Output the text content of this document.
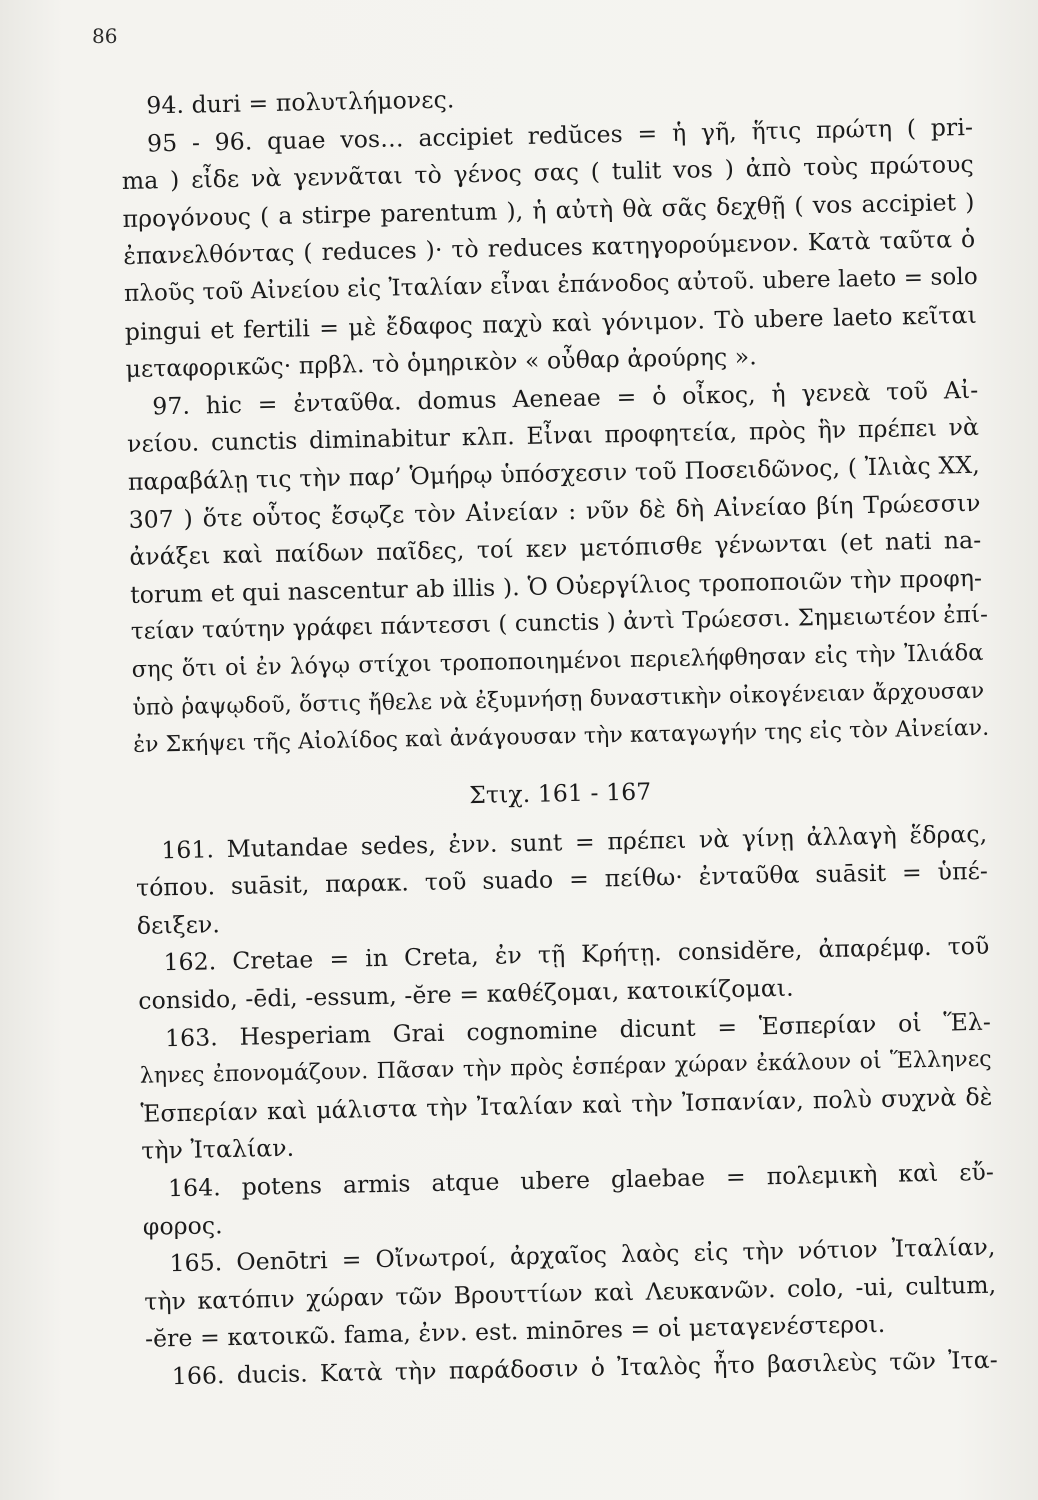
86
94. duri = πολυτλήμονες.
95 - 96. quae vos… accipiet redŭces = ἡ γῆ, ἥτις πρώτη ( pri-
ma ) εἶδε νὰ γεννᾶται τὸ γένος σας ( tulit vos ) ἀπὸ τοὺς πρώτους
προγόνους ( a stirpe parentum ), ἡ αὐτὴ θὰ σᾶς δεχθῇ ( vos accipiet )
ἐπανελθόντας ( reduces )· τὸ reduces κατηγορούμενον. Κατὰ ταῦτα ὁ
πλοῦς τοῦ Αἰνείου εἰς Ἰταλίαν εἶναι ἐπάνοδος αὐτοῦ. ubere laeto = solo
pingui et fertili = μὲ ἔδαφος παχὺ καὶ γόνιμον. Τὸ ubere laeto κεῖται
μεταφορικῶς· πρβλ. τὸ ὁμηρικὸν « οὖθαρ ἀρούρης ».
97. hic = ἐνταῦθα. domus Aeneae = ὁ οἶκος, ἡ γενεὰ τοῦ Αἰ-
νείου. cunctis diminabitur κλπ. Εἶναι προφητεία, πρὸς ἣν πρέπει νὰ
παραβάλῃ τις τὴν παρ’ Ὁμήρῳ ὑπόσχεσιν τοῦ Ποσειδῶνος, ( Ἰλιὰς XX,
307 ) ὅτε οὗτος ἔσῳζε τὸν Αἰνείαν : νῦν δὲ δὴ Αἰνείαο βίη Τρώεσσιν
ἀνάξει καὶ παίδων παῖδες, τοί κεν μετόπισθε γένωνται (et nati na-
torum et qui nascentur ab illis ). Ὁ Οὐεργίλιος τροποποιῶν τὴν προφη-
τείαν ταύτην γράφει πάντεσσι ( cunctis ) ἀντὶ Τρώεσσι. Σημειωτέον ἐπί-
σης ὅτι οἱ ἐν λόγῳ στίχοι τροποποιημένοι περιελήφθησαν εἰς τὴν Ἰλιάδα
ὑπὸ ῥαψῳδοῦ, ὅστις ἤθελε νὰ ἐξυμνήσῃ δυναστικὴν οἰκογένειαν ἄρχουσαν
ἐν Σκήψει τῆς Αἰολίδος καὶ ἀνάγουσαν τὴν καταγωγήν της εἰς τὸν Αἰνείαν.
Στιχ. 161 - 167
161. Mutandae sedes, ἐνν. sunt = πρέπει νὰ γίνῃ ἀλλαγὴ ἕδρας,
τόπου. suāsit, παρακ. τοῦ suado = πείθω· ἐνταῦθα suāsit = ὑπέ-
δειξεν.
162. Cretae = in Creta, ἐν τῇ Κρήτῃ. considĕre, ἀπαρέμφ. τοῦ
consido, -ēdi, -essum, -ĕre = καθέζομαι, κατοικίζομαι.
163. Hesperiam Grai cognomine dicunt = Ἑσπερίαν οἱ Ἕλ-
ληνες ἐπονομάζουν. Πᾶσαν τὴν πρὸς ἑσπέραν χώραν ἐκάλουν οἱ Ἕλληνες
Ἑσπερίαν καὶ μάλιστα τὴν Ἰταλίαν καὶ τὴν Ἰσπανίαν, πολὺ συχνὰ δὲ
τὴν Ἰταλίαν.
164. potens armis atque ubere glaebae = πολεμικὴ καὶ εὔ-
φορος.
165. Oenōtri = Οἴνωτροί, ἀρχαῖος λαὸς εἰς τὴν νότιον Ἰταλίαν,
τὴν κατόπιν χώραν τῶν Βρουττίων καὶ Λευκανῶν. colo, -ui, cultum,
-ĕre = κατοικῶ. fama, ἐνν. est. minōres = οἱ μεταγενέστεροι.
166. ducis. Κατὰ τὴν παράδοσιν ὁ Ἰταλὸς ἦτο βασιλεὺς τῶν Ἰτα-
